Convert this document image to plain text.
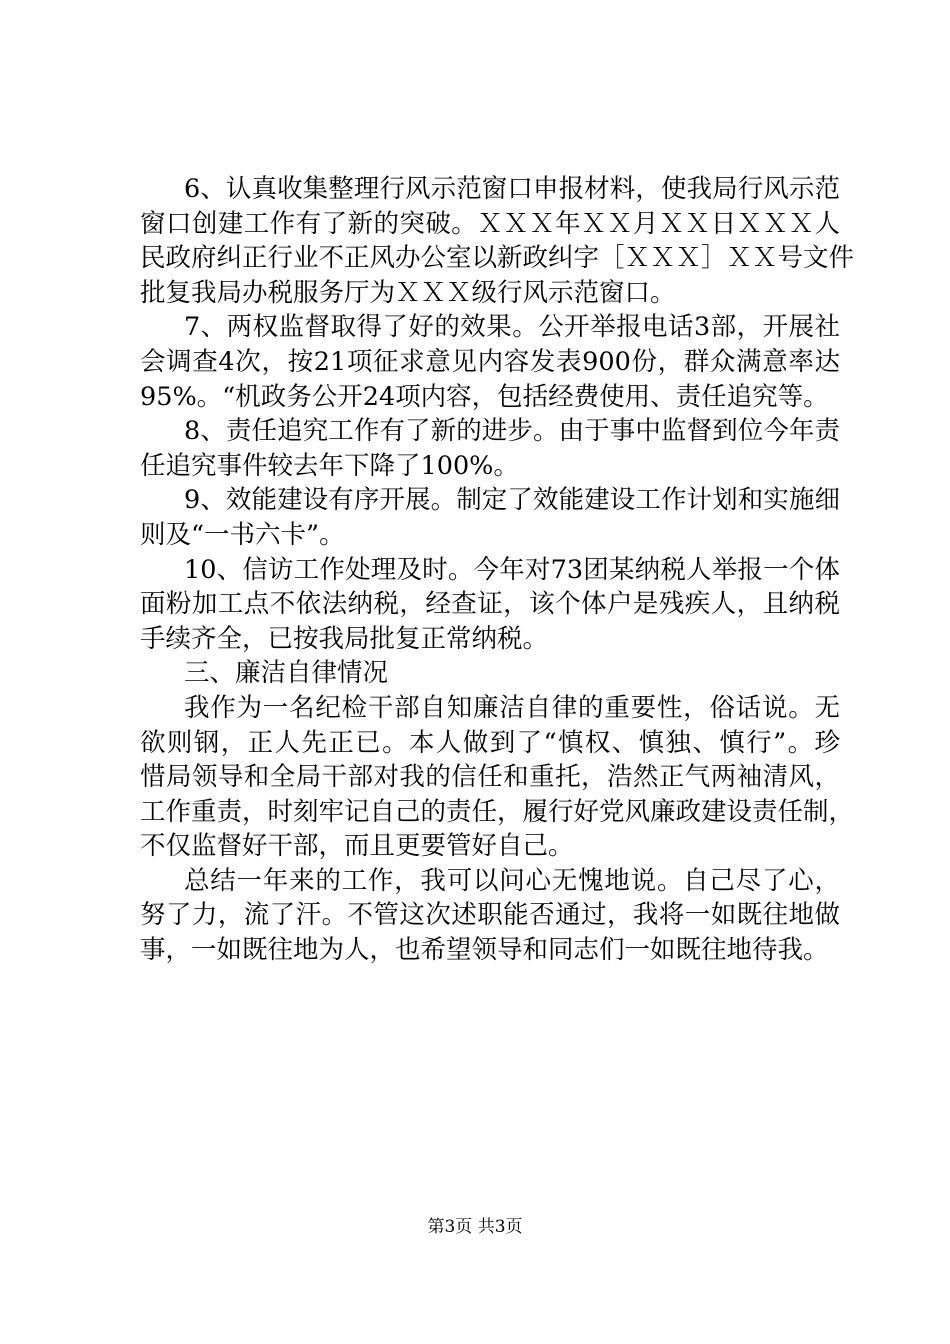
6、认真收集整理行风示范窗口申报材料，使我局行风示范
窗口创建工作有了新的突破。ＸＸＸ年ＸＸ月ＸＸ日ＸＸＸ人
民政府纠正行业不正风办公室以新政纠字［ＸＸＸ］ＸＸ号文件
批复我局办税服务厅为ＸＸＸ级行风示范窗口。
7、两权监督取得了好的效果。公开举报电话3部，开展社
会调查4次，按21项征求意见内容发表900份，群众满意率达
95%。“机政务公开24项内容，包括经费使用、责任追究等。
8、责任追究工作有了新的进步。由于事中监督到位今年责
任追究事件较去年下降了100%。
9、效能建设有序开展。制定了效能建设工作计划和实施细
则及“一书六卡”。
10、信访工作处理及时。今年对73团某纳税人举报一个体
面粉加工点不依法纳税，经查证，该个体户是残疾人，且纳税
手续齐全，已按我局批复正常纳税。
三、廉洁自律情况
我作为一名纪检干部自知廉洁自律的重要性，俗话说。无
欲则钢，正人先正已。本人做到了“慎权、慎独、慎行”。珍
惜局领导和全局干部对我的信任和重托，浩然正气两袖清风，
工作重责，时刻牢记自己的责任，履行好党风廉政建设责任制，
不仅监督好干部，而且更要管好自己。
总结一年来的工作，我可以问心无愧地说。自己尽了心，
努了力，流了汗。不管这次述职能否通过，我将一如既往地做
事，一如既往地为人，也希望领导和同志们一如既往地待我。
第3页 共3页
